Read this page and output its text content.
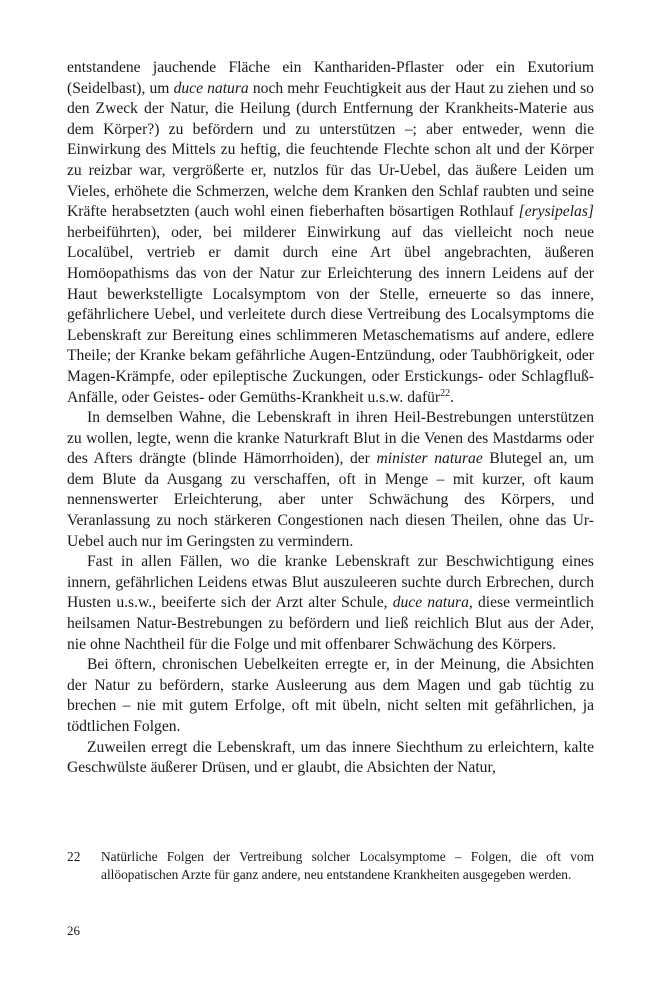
entstandene jauchende Fläche ein Kanthariden-Pflaster oder ein Exutorium (Seidelbast), um duce natura noch mehr Feuchtigkeit aus der Haut zu ziehen und so den Zweck der Natur, die Heilung (durch Entfernung der Krankheits-Materie aus dem Körper?) zu befördern und zu unterstützen –; aber entweder, wenn die Einwirkung des Mittels zu heftig, die feuchtende Flechte schon alt und der Körper zu reizbar war, vergrößerte er, nutzlos für das Ur-Uebel, das äußere Leiden um Vieles, erhöhete die Schmerzen, welche dem Kranken den Schlaf raubten und seine Kräfte herabsetzten (auch wohl einen fieberhaften bösartigen Rothlauf [erysipelas] herbeiführten), oder, bei milderer Einwirkung auf das vielleicht noch neue Localübel, vertrieb er damit durch eine Art übel angebrachten, äußeren Homöopathisms das von der Natur zur Erleichterung des innern Leidens auf der Haut bewerkstelligte Localsymptom von der Stelle, erneuerte so das innere, gefährlichere Uebel, und verleitete durch diese Vertreibung des Localsymptoms die Lebenskraft zur Bereitung eines schlimmeren Metaschematisms auf andere, edlere Theile; der Kranke bekam gefährliche Augen-Entzündung, oder Taubhörigkeit, oder Magen-Krämpfe, oder epileptische Zuckungen, oder Erstickungs- oder Schlagfluß-Anfälle, oder Geistes- oder Gemüths-Krankheit u.s.w. dafür$^{22}$.

In demselben Wahne, die Lebenskraft in ihren Heil-Bestrebungen unterstützen zu wollen, legte, wenn die kranke Naturkraft Blut in die Venen des Mastdarms oder des Afters drängte (blinde Hämorrhoiden), der minister naturae Blutegel an, um dem Blute da Ausgang zu verschaffen, oft in Menge – mit kurzer, oft kaum nennenswerter Erleichterung, aber unter Schwächung des Körpers, und Veranlassung zu noch stärkeren Congestionen nach diesen Theilen, ohne das Ur-Uebel auch nur im Geringsten zu vermindern.

Fast in allen Fällen, wo die kranke Lebenskraft zur Beschwichtigung eines innern, gefährlichen Leidens etwas Blut auszuleeren suchte durch Erbrechen, durch Husten u.s.w., beeiferte sich der Arzt alter Schule, duce natura, diese vermeintlich heilsamen Natur-Bestrebungen zu befördern und ließ reichlich Blut aus der Ader, nie ohne Nachtheil für die Folge und mit offenbarer Schwächung des Körpers.

Bei öftern, chronischen Uebelkeiten erregte er, in der Meinung, die Absichten der Natur zu befördern, starke Ausleerung aus dem Magen und gab tüchtig zu brechen – nie mit gutem Erfolge, oft mit übeln, nicht selten mit gefährlichen, ja tödtlichen Folgen.

Zuweilen erregt die Lebenskraft, um das innere Siechthum zu erleichtern, kalte Geschwülste äußerer Drüsen, und er glaubt, die Absichten der Natur,

22	Natürliche Folgen der Vertreibung solcher Localsymptome – Folgen, die oft vom allöopatischen Arzte für ganz andere, neu entstandene Krankheiten ausgegeben werden.
26
